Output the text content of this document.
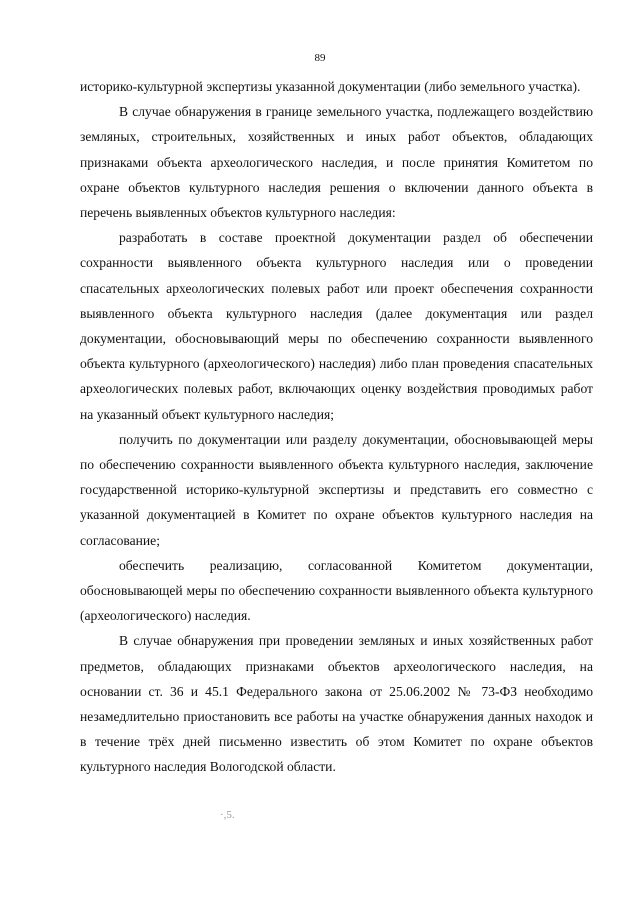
89

историко-культурной экспертизы указанной документации (либо земельного участка).

В случае обнаружения в границе земельного участка, подлежащего воздействию земляных, строительных, хозяйственных и иных работ объектов, обладающих признаками объекта археологического наследия, и после принятия Комитетом по охране объектов культурного наследия решения о включении данного объекта в перечень выявленных объектов культурного наследия:

разработать в составе проектной документации раздел об обеспечении сохранности выявленного объекта культурного наследия или о проведении спасательных археологических полевых работ или проект обеспечения сохранности выявленного объекта культурного наследия (далее документация или раздел документации, обосновывающий меры по обеспечению сохранности выявленного объекта культурного (археологического) наследия) либо план проведения спасательных археологических полевых работ, включающих оценку воздействия проводимых работ на указанный объект культурного наследия;

получить по документации или разделу документации, обосновывающей меры по обеспечению сохранности выявленного объекта культурного наследия, заключение государственной историко-культурной экспертизы и представить его совместно с указанной документацией в Комитет по охране объектов культурного наследия на согласование;

обеспечить реализацию, согласованной Комитетом документации, обосновывающей меры по обеспечению сохранности выявленного объекта культурного (археологического) наследия.

В случае обнаружения при проведении земляных и иных хозяйственных работ предметов, обладающих признаками объектов археологического наследия, на основании ст. 36 и 45.1 Федерального закона от 25.06.2002 № 73-ФЗ необходимо незамедлительно приостановить все работы на участке обнаружения данных находок и в течение трёх дней письменно известить об этом Комитет по охране объектов культурного наследия Вологодской области.

·,5.
